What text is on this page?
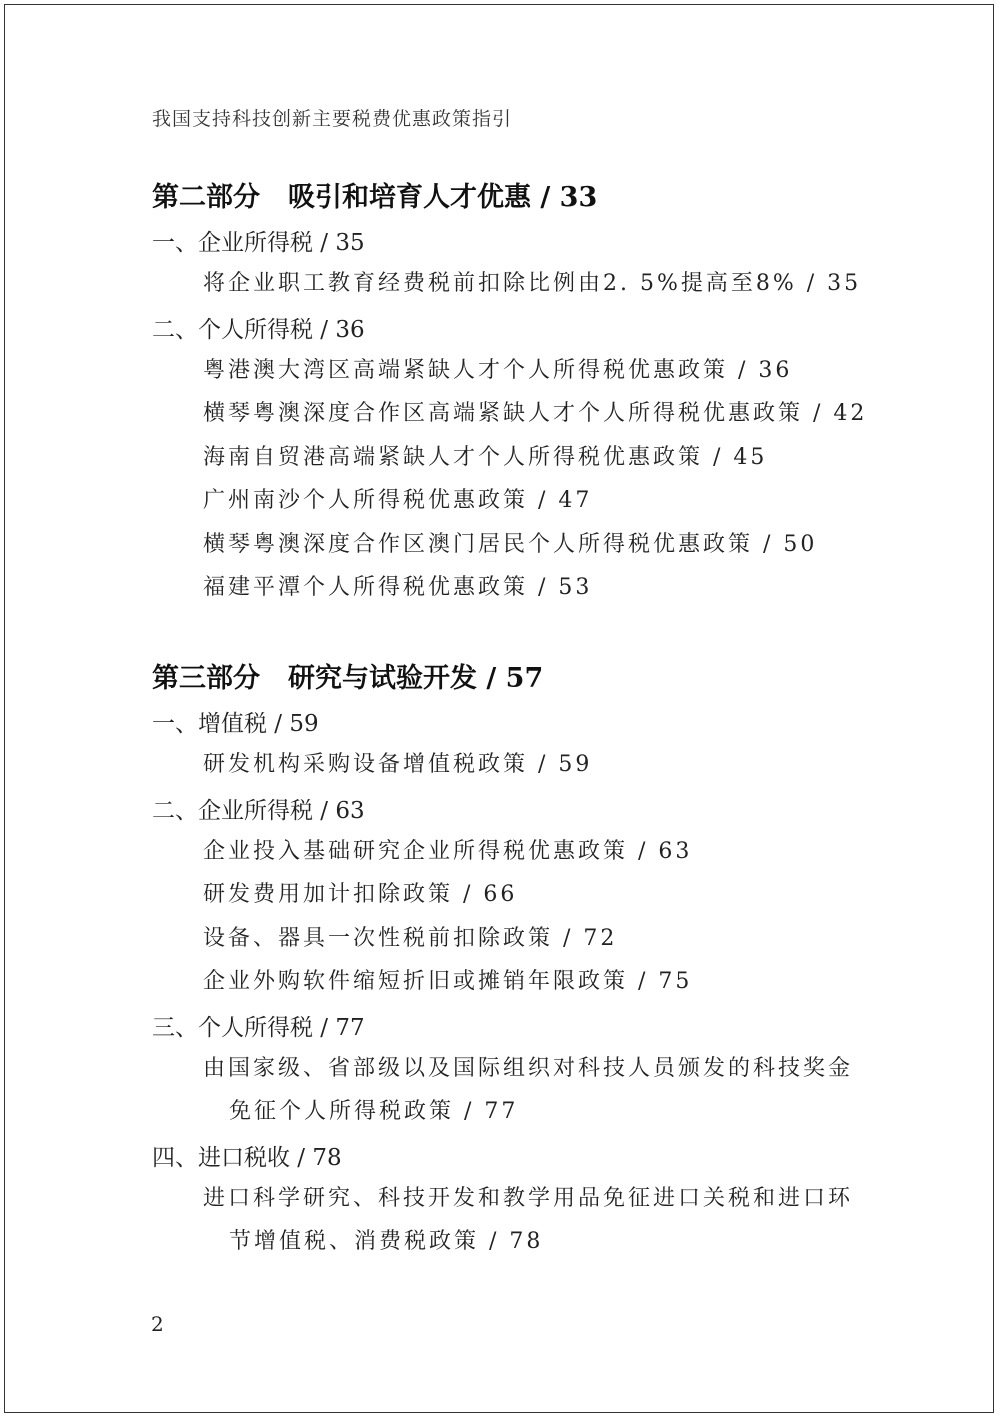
我国支持科技创新主要税费优惠政策指引
第二部分 吸引和培育人才优惠 / 33
一、企业所得税 / 35
将企业职工教育经费税前扣除比例由2. 5%提高至8% / 35
二、个人所得税 / 36
粤港澳大湾区高端紧缺人才个人所得税优惠政策 / 36
横琴粤澳深度合作区高端紧缺人才个人所得税优惠政策 / 42
海南自贸港高端紧缺人才个人所得税优惠政策 / 45
广州南沙个人所得税优惠政策 / 47
横琴粤澳深度合作区澳门居民个人所得税优惠政策 / 50
福建平潭个人所得税优惠政策 / 53
第三部分 研究与试验开发 / 57
一、增值税 / 59
研发机构采购设备增值税政策 / 59
二、企业所得税 / 63
企业投入基础研究企业所得税优惠政策 / 63
研发费用加计扣除政策 / 66
设备、器具一次性税前扣除政策 / 72
企业外购软件缩短折旧或摊销年限政策 / 75
三、个人所得税 / 77
由国家级、省部级以及国际组织对科技人员颁发的科技奖金
免征个人所得税政策 / 77
四、进口税收 / 78
进口科学研究、科技开发和教学用品免征进口关税和进口环
节增值税、消费税政策 / 78
2
